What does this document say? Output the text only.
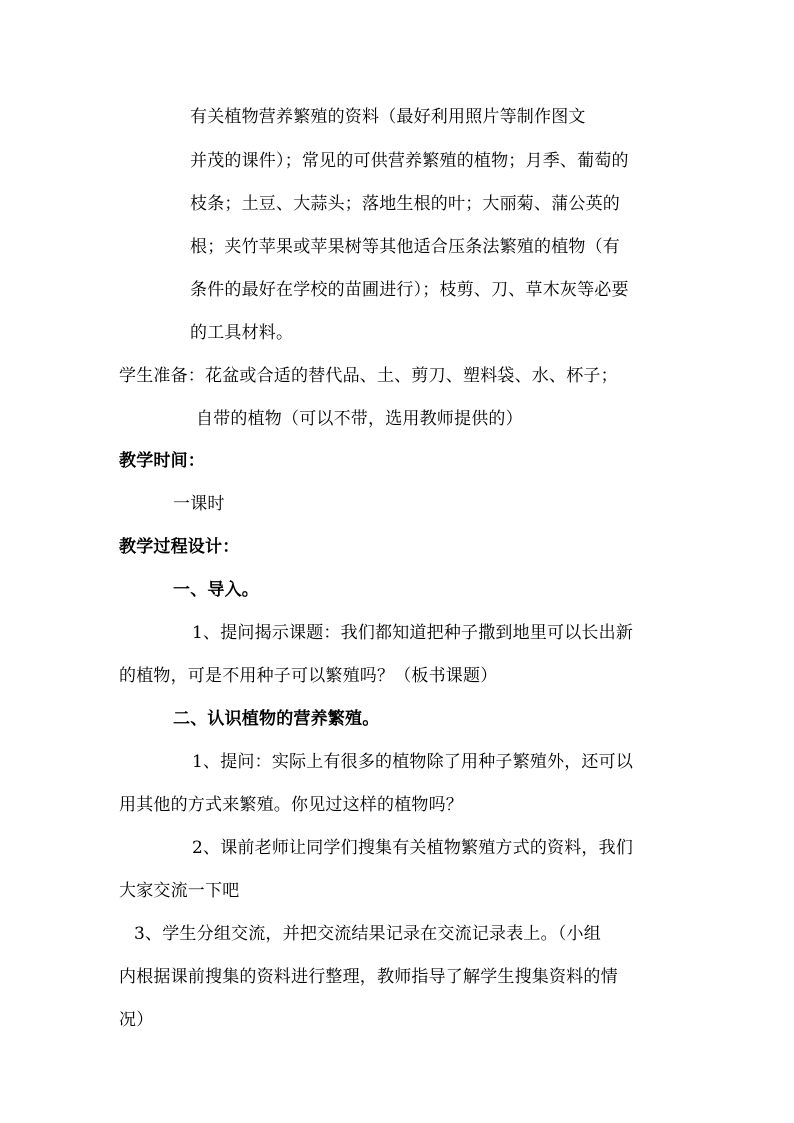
有关植物营养繁殖的资料（最好利用照片等制作图文

并茂的课件）；常见的可供营养繁殖的植物；月季、葡萄的

枝条；土豆、大蒜头；落地生根的叶；大丽菊、蒲公英的

根；夹竹苹果或苹果树等其他适合压条法繁殖的植物（有

条件的最好在学校的苗圃进行）；枝剪、刀、草木灰等必要

的工具材料。

学生准备：花盆或合适的替代品、土、剪刀、塑料袋、水、杯子；

自带的植物（可以不带，选用教师提供的）

教学时间：

一课时

教学过程设计：

一、导入。

1、提问揭示课题：我们都知道把种子撒到地里可以长出新

的植物，可是不用种子可以繁殖吗？（板书课题）

二、认识植物的营养繁殖。

1、提问：实际上有很多的植物除了用种子繁殖外，还可以

用其他的方式来繁殖。你见过这样的植物吗？

2、课前老师让同学们搜集有关植物繁殖方式的资料，我们

大家交流一下吧

3、学生分组交流，并把交流结果记录在交流记录表上。（小组

内根据课前搜集的资料进行整理，教师指导了解学生搜集资料的情

况）
